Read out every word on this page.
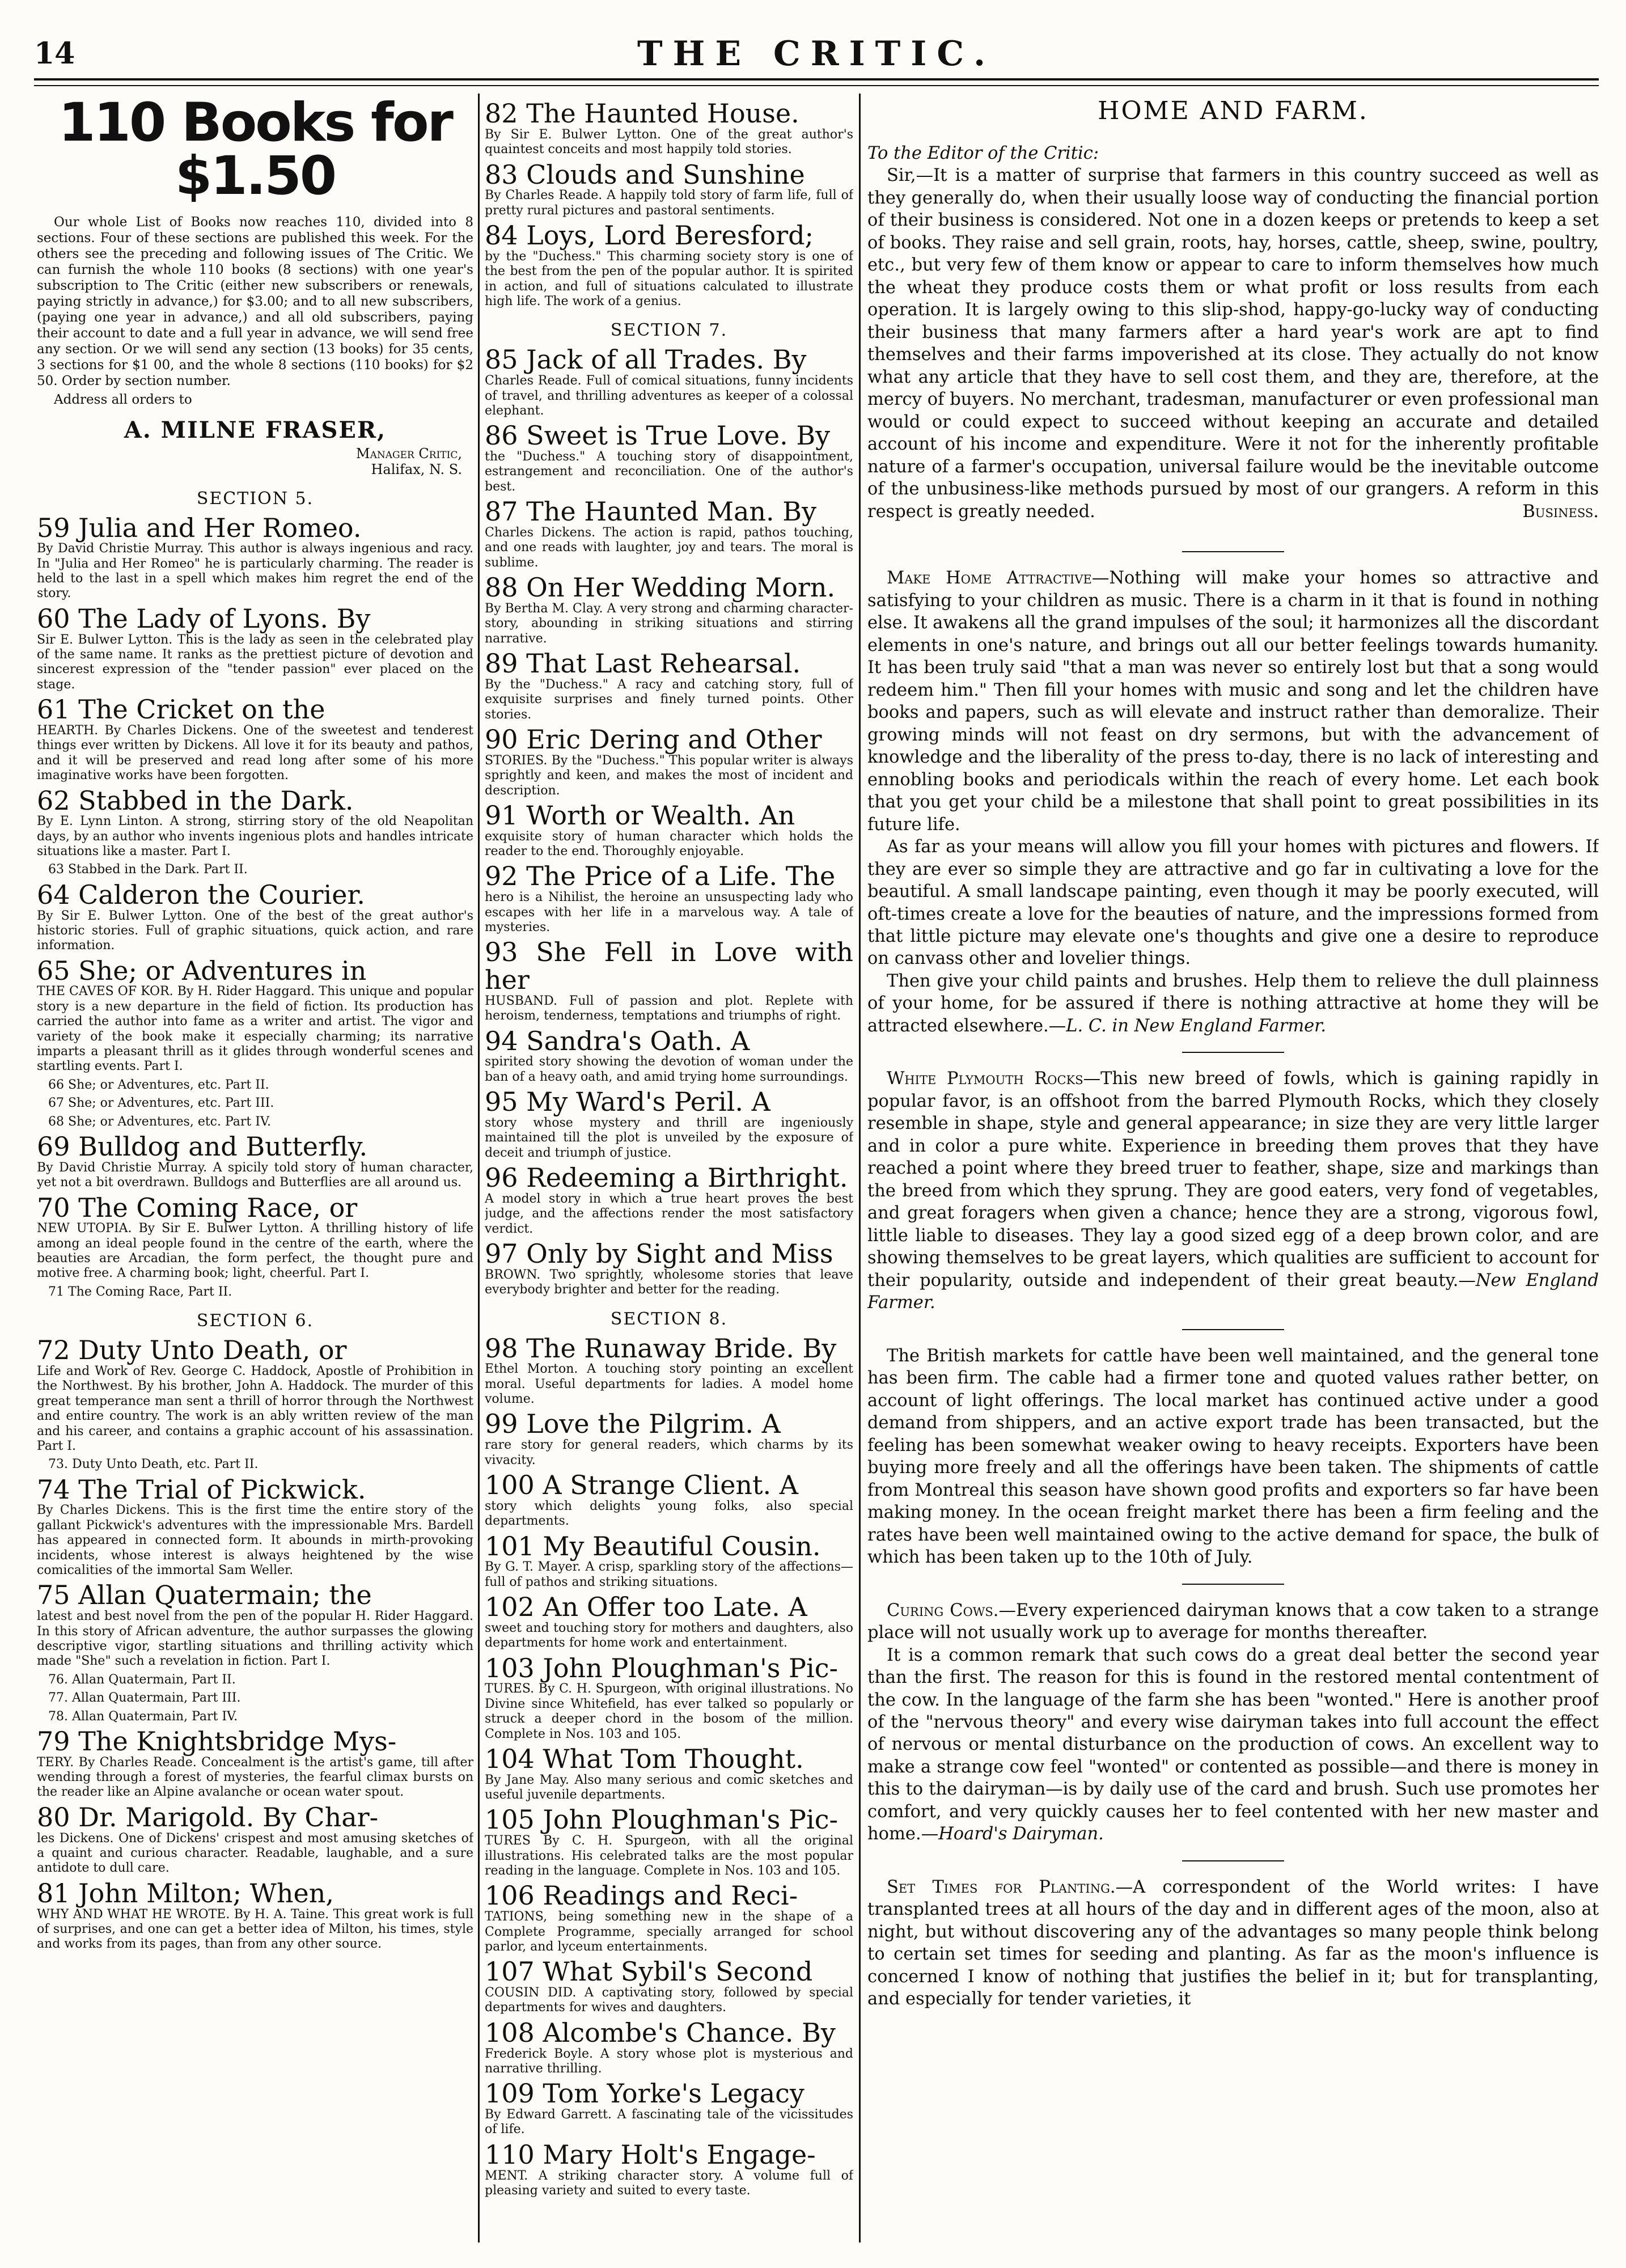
14	THE CRITIC.
110 Books for $1.50

Our whole List of Books now reaches 110, divided into 8 sections. Four of these sections are published this week. For the others see the preceding and following issues of The Critic. We can furnish the whole 110 books (8 sections) with one year's subscription to The Critic (either new subscribers or renewals, paying strictly in advance,) for $3.00; and to all new subscribers, (paying one year in advance,) and all old subscribers, paying their account to date and a full year in advance, we will send free any section. Or we will send any section (13 books) for 35 cents, 3 sections for $1 00, and the whole 8 sections (110 books) for $2 50. Order by section number.

Address all orders to

A. MILNE FRASER,

Manager Critic,

Halifax, N. S.

SECTION 5.

59 Julia and Her Romeo.

By David Christie Murray. This author is always ingenious and racy. In "Julia and Her Romeo" he is particularly charming. The reader is held to the last in a spell which makes him regret the end of the story.

60 The Lady of Lyons. By

Sir E. Bulwer Lytton. This is the lady as seen in the celebrated play of the same name. It ranks as the prettiest picture of devotion and sincerest expression of the "tender passion" ever placed on the stage.

61 The Cricket on the

HEARTH. By Charles Dickens. One of the sweetest and tenderest things ever written by Dickens. All love it for its beauty and pathos, and it will be preserved and read long after some of his more imaginative works have been forgotten.

62 Stabbed in the Dark.

By E. Lynn Linton. A strong, stirring story of the old Neapolitan days, by an author who invents ingenious plots and handles intricate situations like a master. Part I.

63 Stabbed in the Dark. Part II.

64 Calderon the Courier.

By Sir E. Bulwer Lytton. One of the best of the great author's historic stories. Full of graphic situations, quick action, and rare information.

65 She; or Adventures in

THE CAVES OF KOR. By H. Rider Haggard. This unique and popular story is a new departure in the field of fiction. Its production has carried the author into fame as a writer and artist. The vigor and variety of the book make it especially charming; its narrative imparts a pleasant thrill as it glides through wonderful scenes and startling events. Part I.

66 She; or Adventures, etc. Part II.

67 She; or Adventures, etc. Part III.

68 She; or Adventures, etc. Part IV.

69 Bulldog and Butterfly.

By David Christie Murray. A spicily told story of human character, yet not a bit overdrawn. Bulldogs and Butterflies are all around us.

70 The Coming Race, or

NEW UTOPIA. By Sir E. Bulwer Lytton. A thrilling history of life among an ideal people found in the centre of the earth, where the beauties are Arcadian, the form perfect, the thought pure and motive free. A charming book; light, cheerful. Part I.

71 The Coming Race, Part II.

SECTION 6.

72 Duty Unto Death, or

Life and Work of Rev. George C. Haddock, Apostle of Prohibition in the Northwest. By his brother, John A. Haddock. The murder of this great temperance man sent a thrill of horror through the Northwest and entire country. The work is an ably written review of the man and his career, and contains a graphic account of his assassination. Part I.

73. Duty Unto Death, etc. Part II.

74 The Trial of Pickwick.

By Charles Dickens. This is the first time the entire story of the gallant Pickwick's adventures with the impressionable Mrs. Bardell has appeared in connected form. It abounds in mirth-provoking incidents, whose interest is always heightened by the wise comicalities of the immortal Sam Weller.

75 Allan Quatermain; the

latest and best novel from the pen of the popular H. Rider Haggard. In this story of African adventure, the author surpasses the glowing descriptive vigor, startling situations and thrilling activity which made "She" such a revelation in fiction. Part I.

76. Allan Quatermain, Part II.

77. Allan Quatermain, Part III.

78. Allan Quatermain, Part IV.

79 The Knightsbridge Mys-

TERY. By Charles Reade. Concealment is the artist's game, till after wending through a forest of mysteries, the fearful climax bursts on the reader like an Alpine avalanche or ocean water spout.

80 Dr. Marigold. By Char-

les Dickens. One of Dickens' crispest and most amusing sketches of a quaint and curious character. Readable, laughable, and a sure antidote to dull care.

81 John Milton; When,

WHY AND WHAT HE WROTE. By H. A. Taine. This great work is full of surprises, and one can get a better idea of Milton, his times, style and works from its pages, than from any other source.

82 The Haunted House.

By Sir E. Bulwer Lytton. One of the great author's quaintest conceits and most happily told stories.

83 Clouds and Sunshine

By Charles Reade. A happily told story of farm life, full of pretty rural pictures and pastoral sentiments.

84 Loys, Lord Beresford;

by the "Duchess." This charming society story is one of the best from the pen of the popular author. It is spirited in action, and full of situations calculated to illustrate high life. The work of a genius.

SECTION 7.

85 Jack of all Trades. By

Charles Reade. Full of comical situations, funny incidents of travel, and thrilling adventures as keeper of a colossal elephant.

86 Sweet is True Love. By

the "Duchess." A touching story of disappointment, estrangement and reconciliation. One of the author's best.

87 The Haunted Man. By

Charles Dickens. The action is rapid, pathos touching, and one reads with laughter, joy and tears. The moral is sublime.

88 On Her Wedding Morn.

By Bertha M. Clay. A very strong and charming character-story, abounding in striking situations and stirring narrative.

89 That Last Rehearsal.

By the "Duchess." A racy and catching story, full of exquisite surprises and finely turned points. Other stories.

90 Eric Dering and Other

STORIES. By the "Duchess." This popular writer is always sprightly and keen, and makes the most of incident and description.

91 Worth or Wealth. An

exquisite story of human character which holds the reader to the end. Thoroughly enjoyable.

92 The Price of a Life. The

hero is a Nihilist, the heroine an unsuspecting lady who escapes with her life in a marvelous way. A tale of mysteries.

93 She Fell in Love with her

HUSBAND. Full of passion and plot. Replete with heroism, tenderness, temptations and triumphs of right.

94 Sandra's Oath. A

spirited story showing the devotion of woman under the ban of a heavy oath, and amid trying home surroundings.

95 My Ward's Peril. A

story whose mystery and thrill are ingeniously maintained till the plot is unveiled by the exposure of deceit and triumph of justice.

96 Redeeming a Birthright.

A model story in which a true heart proves the best judge, and the affections render the most satisfactory verdict.

97 Only by Sight and Miss

BROWN. Two sprightly, wholesome stories that leave everybody brighter and better for the reading.

SECTION 8.

98 The Runaway Bride. By

Ethel Morton. A touching story pointing an excellent moral. Useful departments for ladies. A model home volume.

99 Love the Pilgrim. A

rare story for general readers, which charms by its vivacity.

100 A Strange Client. A

story which delights young folks, also special departments.

101 My Beautiful Cousin.

By G. T. Mayer. A crisp, sparkling story of the affections—full of pathos and striking situations.

102 An Offer too Late. A

sweet and touching story for mothers and daughters, also departments for home work and entertainment.

103 John Ploughman's Pic-

TURES. By C. H. Spurgeon, with original illustrations. No Divine since Whitefield, has ever talked so popularly or struck a deeper chord in the bosom of the million. Complete in Nos. 103 and 105.

104 What Tom Thought.

By Jane May. Also many serious and comic sketches and useful juvenile departments.

105 John Ploughman's Pic-

TURES By C. H. Spurgeon, with all the original illustrations. His celebrated talks are the most popular reading in the language. Complete in Nos. 103 and 105.

106 Readings and Reci-

TATIONS, being something new in the shape of a Complete Programme, specially arranged for school parlor, and lyceum entertainments.

107 What Sybil's Second

COUSIN DID. A captivating story, followed by special departments for wives and daughters.

108 Alcombe's Chance. By

Frederick Boyle. A story whose plot is mysterious and narrative thrilling.

109 Tom Yorke's Legacy

By Edward Garrett. A fascinating tale of the vicissitudes of life.

110 Mary Holt's Engage-

MENT. A striking character story. A volume full of pleasing variety and suited to every taste.

HOME AND FARM.

To the Editor of the Critic:

Sir,—It is a matter of surprise that farmers in this country succeed as well as they generally do, when their usually loose way of conducting the financial portion of their business is considered. Not one in a dozen keeps or pretends to keep a set of books. They raise and sell grain, roots, hay, horses, cattle, sheep, swine, poultry, etc., but very few of them know or appear to care to inform themselves how much the wheat they produce costs them or what profit or loss results from each operation. It is largely owing to this slip-shod, happy-go-lucky way of conducting their business that many farmers after a hard year's work are apt to find themselves and their farms impoverished at its close. They actually do not know what any article that they have to sell cost them, and they are, therefore, at the mercy of buyers. No merchant, tradesman, manufacturer or even professional man would or could expect to succeed without keeping an accurate and detailed account of his income and expenditure. Were it not for the inherently profitable nature of a farmer's occupation, universal failure would be the inevitable outcome of the unbusiness-like methods pursued by most of our grangers. A reform in this respect is greatly needed.	Business.

Make Home Attractive—Nothing will make your homes so attractive and satisfying to your children as music. There is a charm in it that is found in nothing else. It awakens all the grand impulses of the soul; it harmonizes all the discordant elements in one's nature, and brings out all our better feelings towards humanity. It has been truly said "that a man was never so entirely lost but that a song would redeem him." Then fill your homes with music and song and let the children have books and papers, such as will elevate and instruct rather than demoralize. Their growing minds will not feast on dry sermons, but with the advancement of knowledge and the liberality of the press to-day, there is no lack of interesting and ennobling books and periodicals within the reach of every home. Let each book that you get your child be a milestone that shall point to great possibilities in its future life.

As far as your means will allow you fill your homes with pictures and flowers. If they are ever so simple they are attractive and go far in cultivating a love for the beautiful. A small landscape painting, even though it may be poorly executed, will oft-times create a love for the beauties of nature, and the impressions formed from that little picture may elevate one's thoughts and give one a desire to reproduce on canvass other and lovelier things.

Then give your child paints and brushes. Help them to relieve the dull plainness of your home, for be assured if there is nothing attractive at home they will be attracted elsewhere.—L. C. in New England Farmer.

White Plymouth Rocks—This new breed of fowls, which is gaining rapidly in popular favor, is an offshoot from the barred Plymouth Rocks, which they closely resemble in shape, style and general appearance; in size they are very little larger and in color a pure white. Experience in breeding them proves that they have reached a point where they breed truer to feather, shape, size and markings than the breed from which they sprung. They are good eaters, very fond of vegetables, and great foragers when given a chance; hence they are a strong, vigorous fowl, little liable to diseases. They lay a good sized egg of a deep brown color, and are showing themselves to be great layers, which qualities are sufficient to account for their popularity, outside and independent of their great beauty.—New England Farmer.

The British markets for cattle have been well maintained, and the general tone has been firm. The cable had a firmer tone and quoted values rather better, on account of light offerings. The local market has continued active under a good demand from shippers, and an active export trade has been transacted, but the feeling has been somewhat weaker owing to heavy receipts. Exporters have been buying more freely and all the offerings have been taken. The shipments of cattle from Montreal this season have shown good profits and exporters so far have been making money. In the ocean freight market there has been a firm feeling and the rates have been well maintained owing to the active demand for space, the bulk of which has been taken up to the 10th of July.

Curing Cows.—Every experienced dairyman knows that a cow taken to a strange place will not usually work up to average for months thereafter.

It is a common remark that such cows do a great deal better the second year than the first. The reason for this is found in the restored mental contentment of the cow. In the language of the farm she has been "wonted." Here is another proof of the "nervous theory" and every wise dairyman takes into full account the effect of nervous or mental disturbance on the production of cows. An excellent way to make a strange cow feel "wonted" or contented as possible—and there is money in this to the dairyman—is by daily use of the card and brush. Such use promotes her comfort, and very quickly causes her to feel contented with her new master and home.—Hoard's Dairyman.

Set Times for Planting.—A correspondent of the World writes: I have transplanted trees at all hours of the day and in different ages of the moon, also at night, but without discovering any of the advantages so many people think belong to certain set times for seeding and planting. As far as the moon's influence is concerned I know of nothing that justifies the belief in it; but for transplanting, and especially for tender varieties, it
